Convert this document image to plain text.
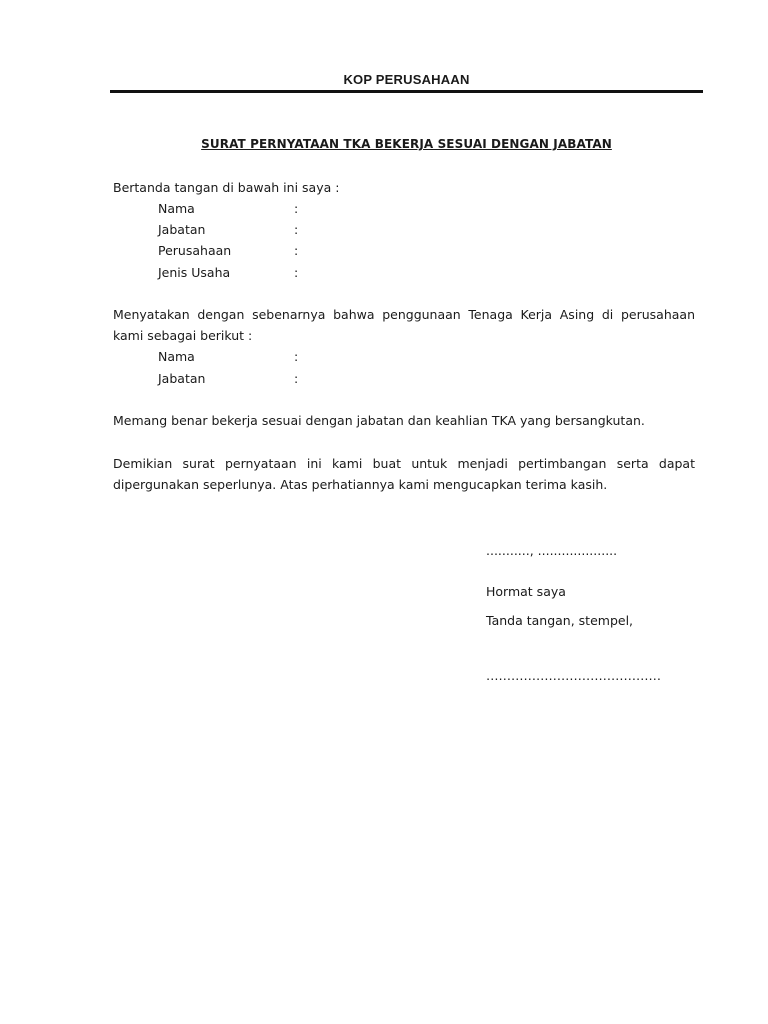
KOP PERUSAHAAN
SURAT PERNYATAAN TKA BEKERJA SESUAI DENGAN JABATAN
Bertanda tangan di bawah ini saya :
Nama	:
Jabatan	:
Perusahaan	:
Jenis Usaha	:
Menyatakan dengan sebenarnya bahwa penggunaan Tenaga Kerja Asing di perusahaan kami sebagai berikut :
Nama	:
Jabatan	:
Memang benar bekerja sesuai dengan jabatan dan keahlian TKA yang bersangkutan.
Demikian surat pernyataan ini kami buat untuk menjadi pertimbangan serta dapat dipergunakan seperlunya. Atas perhatiannya kami mengucapkan terima kasih.
..........., ....................
Hormat saya
Tanda tangan, stempel,
……………………………………
